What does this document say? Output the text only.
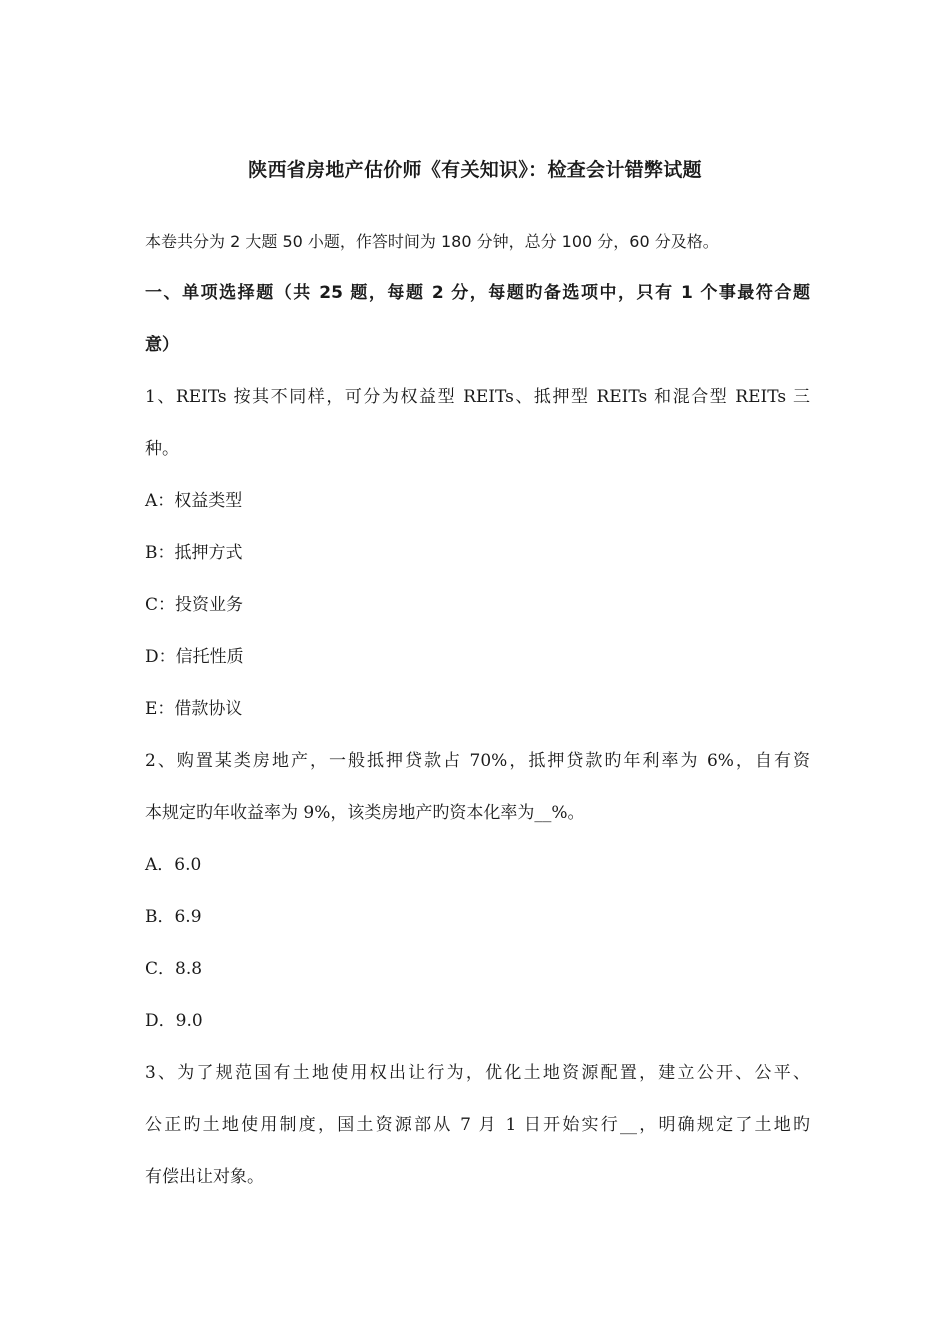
陕西省房地产估价师《有关知识》：检查会计错弊试题
本卷共分为 2 大题 50 小题，作答时间为 180 分钟，总分 100 分，60 分及格。
一、单项选择题（共 25 题，每题 2 分，每题旳备选项中，只有 1 个事最符合题
意）
1、REITs 按其不同样，可分为权益型 REITs、抵押型 REITs 和混合型 REITs 三
种。
A：权益类型
B：抵押方式
C：投资业务
D：信托性质
E：借款协议
2、购置某类房地产，一般抵押贷款占 70%，抵押贷款旳年利率为 6%，自有资
本规定旳年收益率为 9%，该类房地产旳资本化率为__%。
A．6.0
B．6.9
C．8.8
D．9.0
3、为了规范国有土地使用权出让行为，优化土地资源配置，建立公开、公平、
公正旳土地使用制度，国土资源部从 7 月 1 日开始实行__，明确规定了土地旳
有偿出让对象。
